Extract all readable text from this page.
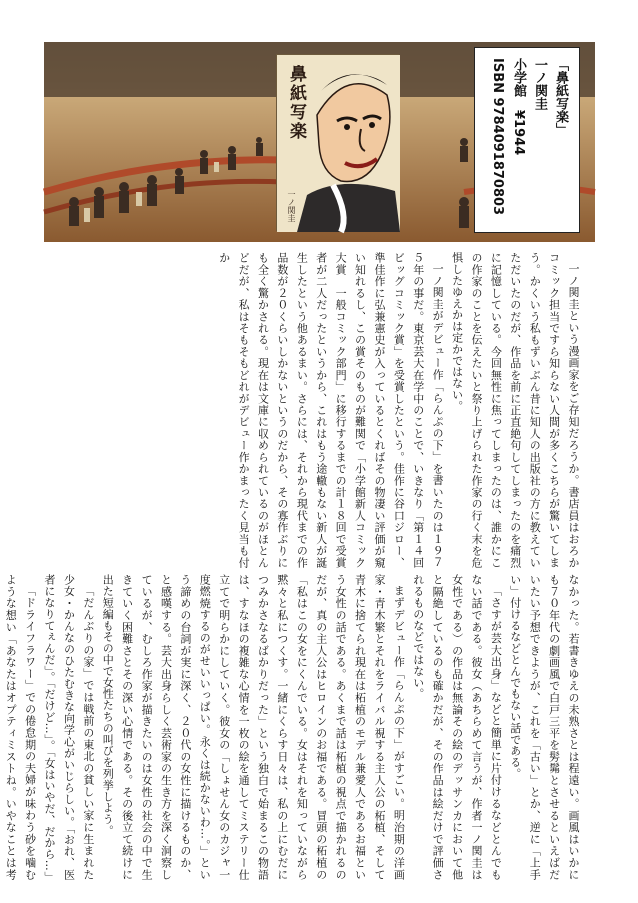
鼻紙写楽
一ノ関圭
「鼻紙写楽」
一ノ関圭
小学館　¥1944
ISBN 9784091870803

一ノ関圭という漫画家をご存知だろうか。書店員はおろかコミック担当ですら知らない人間が多くこちらが驚いてしまう。かくいう私もずいぶん昔に知人の出版社の方に教えていただいたのだが、作品を前に正直絶句してしまったのを痛烈に記憶している。今回無性に焦ってしまったのは、誰かにこの作家のことを伝えたいと祭り上げられた作家の行く末を危惧したゆえかは定かではない。

一ノ関圭がデビュー作「らんぷの下」を書いたのは１９７５年の事だ。東京芸大在学中のことで、いきなり「第１４回ビッグコミック賞」を受賞したという。佳作に谷口ジロー、準佳作に弘兼憲史が入っているとくればその物凄い評価が窺い知れるし、この賞そのものが難関で「小学館新人コミック大賞　一般コミック部門」に移行するまでの計１８回で受賞者が二人だったというから、これはもう途轍もない新人が誕生したという他あるまい。さらには、それから現代までの作品数が２０くらいしかないというのだから、その寡作ぶりにも全く驚かされる。現在は文庫に収められているのがほとんどだが、私はそもそもどれがデビュー作かまったく見当も付か

なかった。若書きゆえの未熟さとは程遠い。画風はいかにも７０年代の劇画風で白戸三平を髣髴とさせるといえばだいたい予想できようが、これを「古い」とか、逆に「上手い」付けるなどとんでもない話である。

「さすが芸大出身」などと簡単に片付けるなどとんでもない話である。彼女（あちらめて言うが、作者一ノ関圭は女性である）の作品は無論その絵のデッサンカにおいて他と隔絶しているのも確かだが、その作品は絵だけで評価されるものなどではない。

まずデビュー作「らんぷの下」がすごい。明治期の洋画家・青木繁とそれをライバル視する主人公の柘植、そして青木に捨てられ現在は柘植のモデル兼愛人であるお福という女性の話である。あくまで話は柘植の視点で描かれるのだが、真の主人公はヒロインのお福である。冒頭の柘植の「私はこの女をにくんでいる。女はそれを知っていながら黙々と私につくす。一緒にくらす日々は、私の上にむだにつみかさなるばかりだった」という独白で始まるこの物語は、すなほの複雑な心情を一枚の絵を通してミステリー仕立てで明らかにしていく。彼女の「しょせん女のカジャ一度燃焼するのがせいいっぱい。永くは続かないわ…。」という諦めの台詞が実に深く、２０代の女性に描けるものか、と感嘆する。芸大出身らしく芸術家の生き方を深く洞察しているが、むしろ作家が描きたいのは女性の社会の中で生きていく困難さとその深い心情である。その後立て続けに出た短編もその中で女性たちの叫びを列挙しよう。

「だんぶりの家」では戦前の東北の貧しい家に生まれた少女・かんなのひたむきな向学心がいじらしい。「おれ、医者になりてぇんだ」。「だけど…」。「女はいやだ、だから…」

「ドライフラワー」での倦怠期の夫婦が味わう砂を噛むような想い「あなたはオプティミストね。いやなことは考
